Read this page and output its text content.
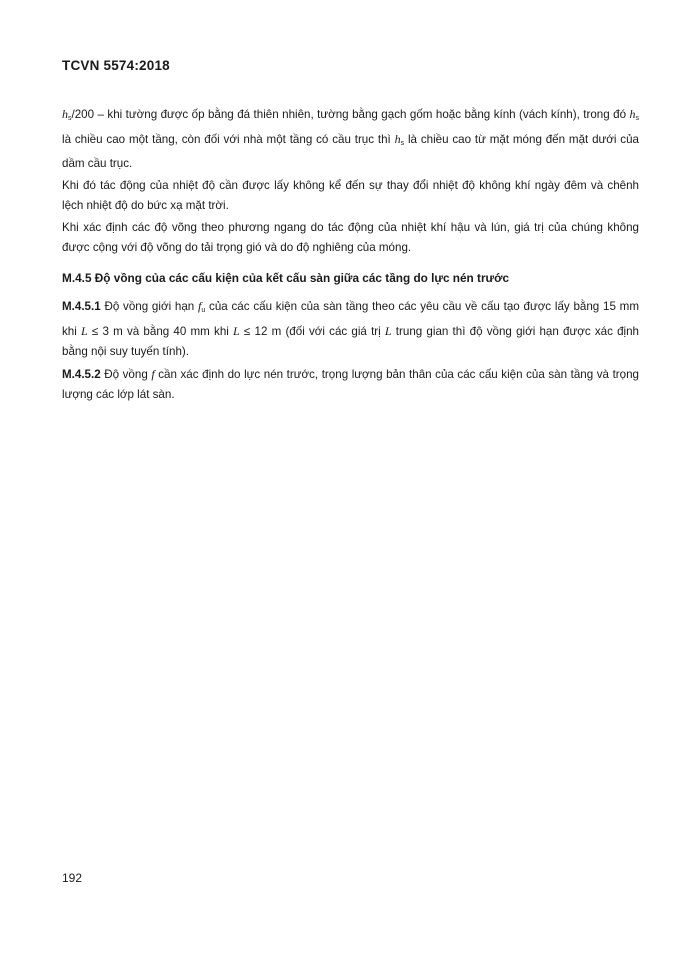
TCVN 5574:2018

$h_s/200$ – khi tường được ốp bằng đá thiên nhiên, tường bằng gạch gốm hoặc bằng kính (vách kính), trong đó $h_s$ là chiều cao một tầng, còn đối với nhà một tầng có cầu trục thì $h_s$ là chiều cao từ mặt móng đến mặt dưới của dầm cầu trục.

Khi đó tác động của nhiệt độ cần được lấy không kể đến sự thay đổi nhiệt độ không khí ngày đêm và chênh lệch nhiệt độ do bức xạ mặt trời.

Khi xác định các độ võng theo phương ngang do tác động của nhiệt khí hậu và lún, giá trị của chúng không được cộng với độ võng do tải trọng gió và do độ nghiêng của móng.

M.4.5 Độ vồng của các cấu kiện của kết cấu sàn giữa các tầng do lực nén trước

M.4.5.1 Độ vồng giới hạn $f_u$ của các cấu kiện của sàn tầng theo các yêu cầu về cấu tạo được lấy bằng 15 mm khi L ≤ 3 m và bằng 40 mm khi L ≤ 12 m (đối với các giá trị L trung gian thì độ vồng giới hạn được xác định bằng nội suy tuyến tính).

M.4.5.2 Độ vồng f cần xác định do lực nén trước, trọng lượng bản thân của các cấu kiện của sàn tầng và trọng lượng các lớp lát sàn.

192
